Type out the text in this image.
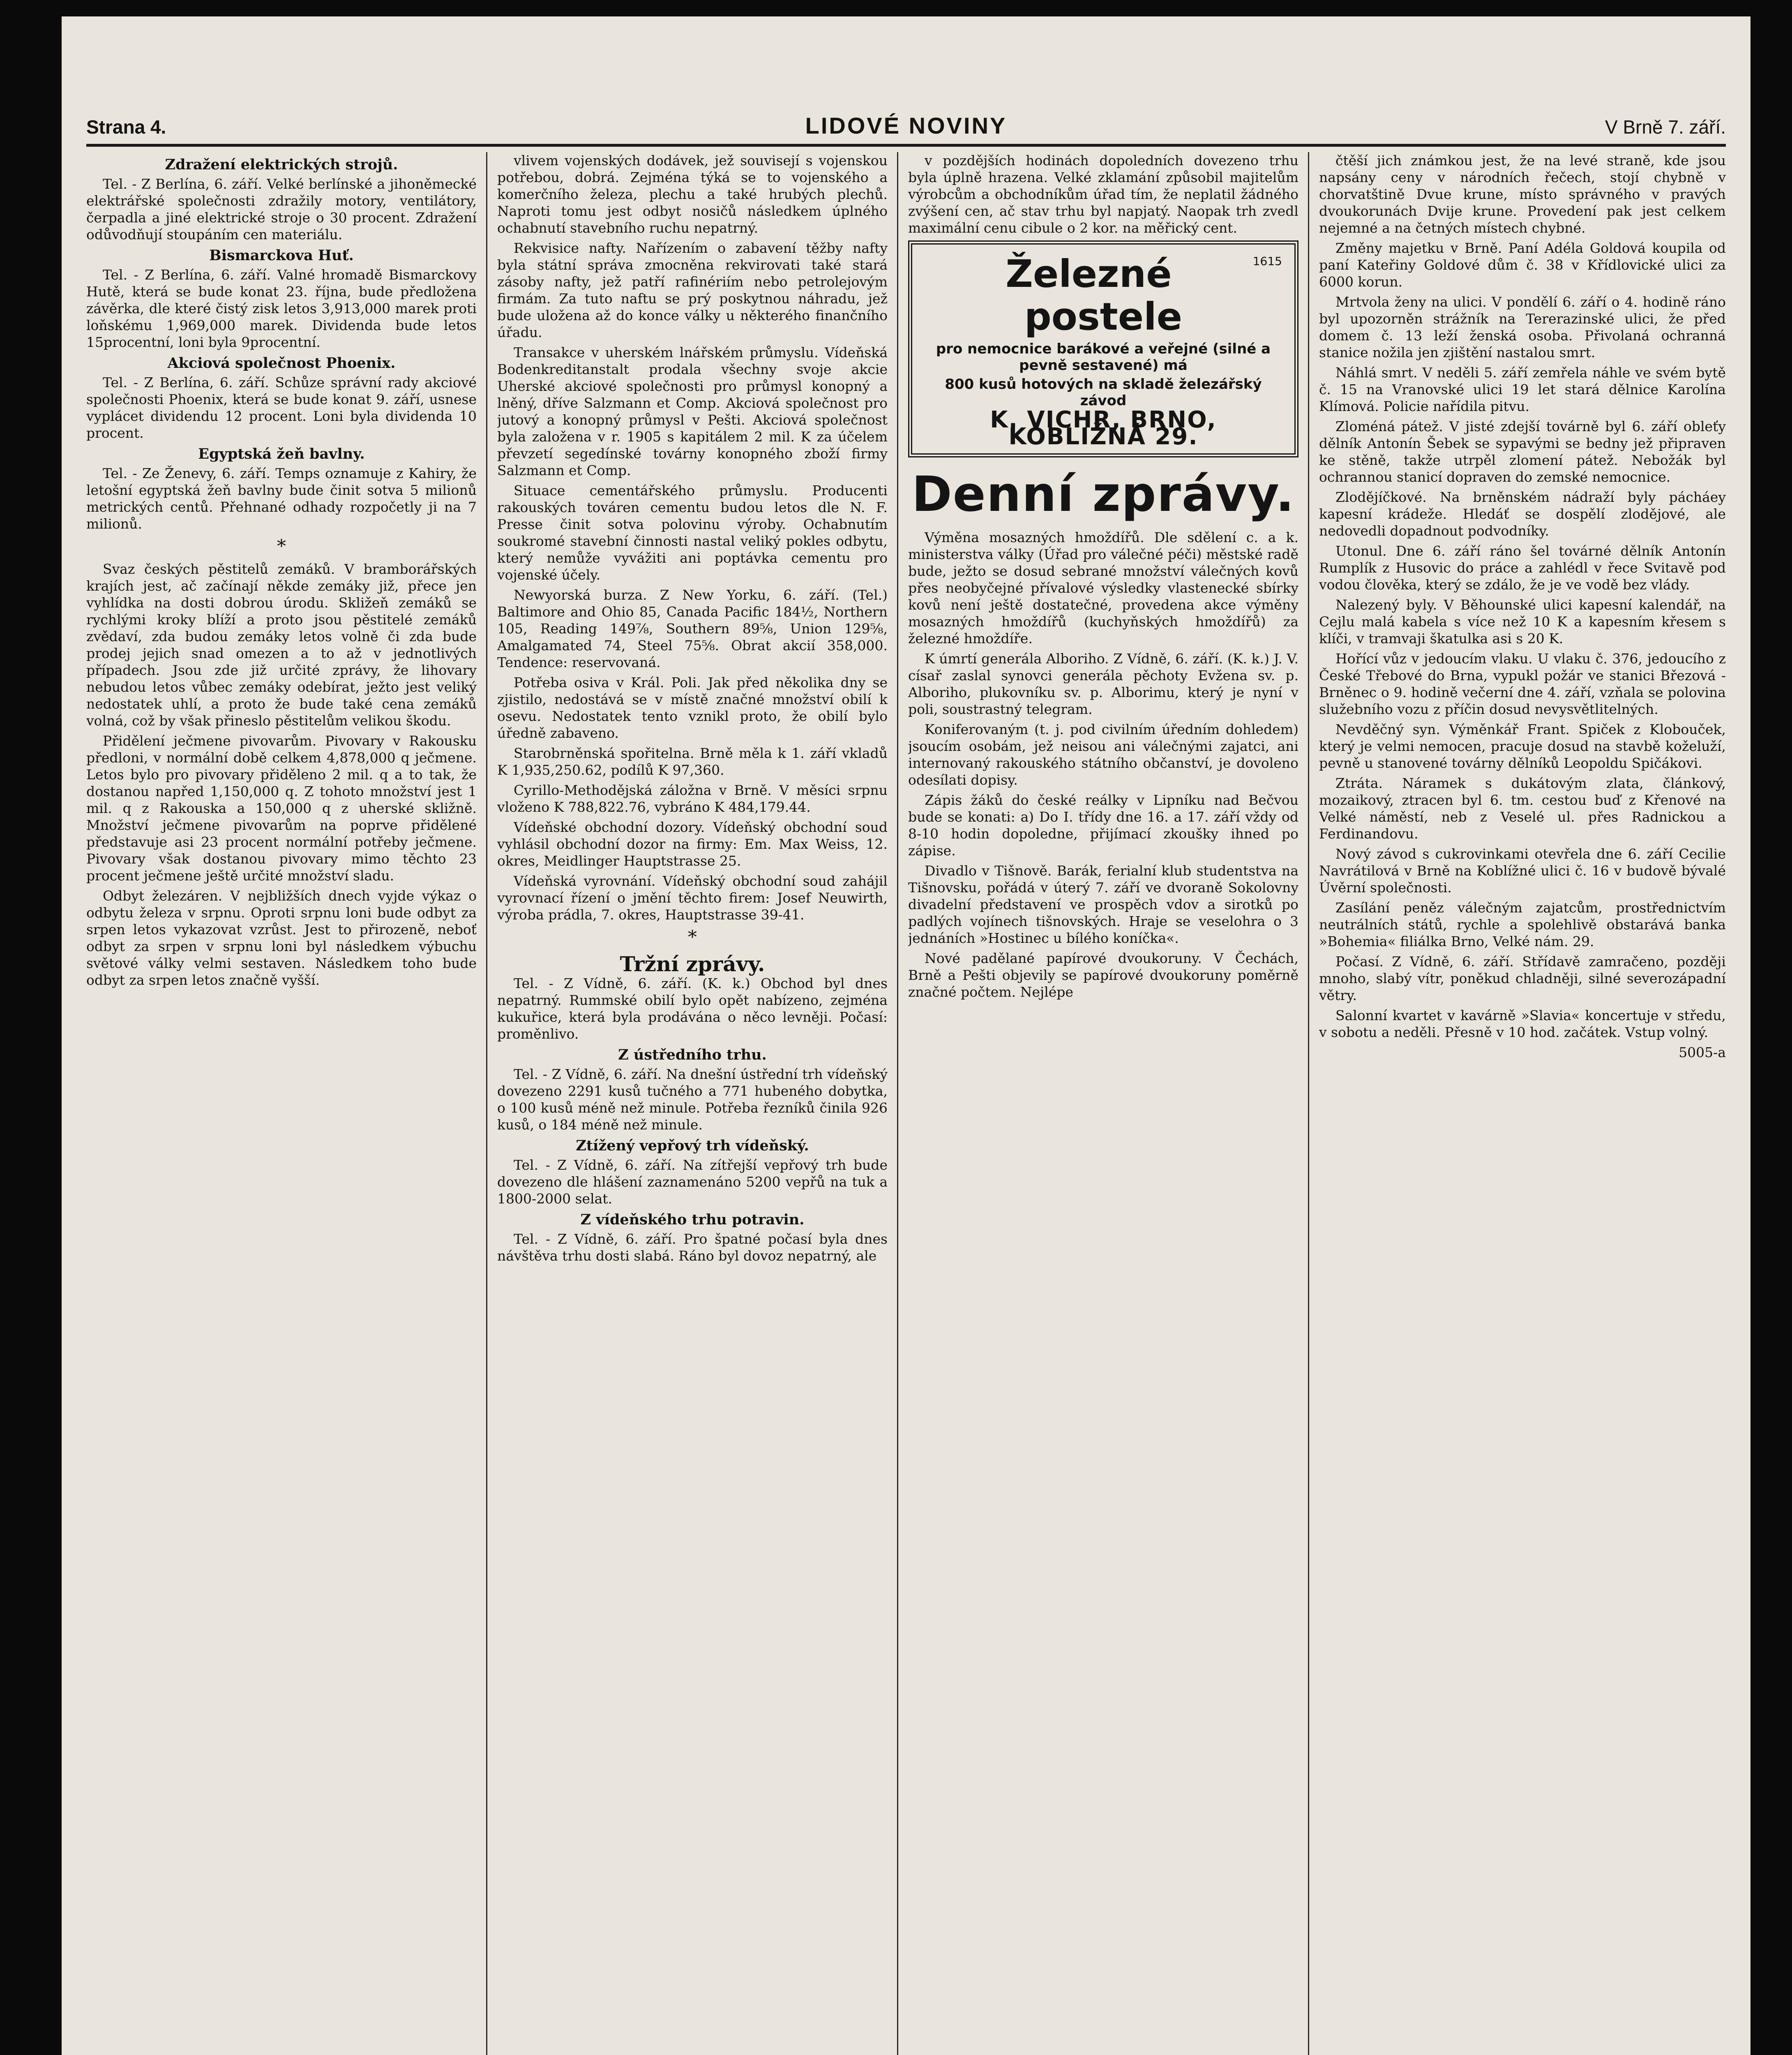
Strana 4.	LIDOVÉ NOVINY	V Brně 7. září.
Zdražení elektrických strojů.

Tel. - Z Berlína, 6. září. Velké berlínské a jihoněmecké elektrářské společnosti zdražily motory, ventilátory, čerpadla a jiné elektrické stroje o 30 procent. Zdražení odůvodňují stoupáním cen materiálu.

Bismarckova Huť.

Tel. - Z Berlína, 6. září. Valné hromadě Bismarckovy Hutě, která se bude konat 23. října, bude předložena závěrka, dle které čistý zisk letos 3,913,000 marek proti loňskému 1,969,000 marek. Dividenda bude letos 15procentní, loni byla 9procentní.

Akciová společnost Phoenix.

Tel. - Z Berlína, 6. září. Schůze správní rady akciové společnosti Phoenix, která se bude konat 9. září, usnese vyplácet dividendu 12 procent. Loni byla dividenda 10 procent.

Egyptská žeň bavlny.

Tel. - Ze Ženevy, 6. září. Temps oznamuje z Kahiry, že letošní egyptská žeň bavlny bude činit sotva 5 milionů metrických centů. Přehnané odhady rozpočetly ji na 7 milionů.

*

Svaz českých pěstitelů zemáků. V bramborářských krajích jest, ač začínají někde zemáky již, přece jen vyhlídka na dosti dobrou úrodu. Skližeň zemáků se rychlými kroky blíží a proto jsou pěstitelé zemáků zvědaví, zda budou zemáky letos volně či zda bude prodej jejich snad omezen a to až v jednotlivých případech. Jsou zde již určité zprávy, že lihovary nebudou letos vůbec zemáky odebírat, ježto jest veliký nedostatek uhlí, a proto že bude také cena zemáků volná, což by však přineslo pěstitelům velikou škodu.

Přidělení ječmene pivovarům. Pivovary v Rakousku předloni, v normální době celkem 4,878,000 q ječmene. Letos bylo pro pivovary přiděleno 2 mil. q a to tak, že dostanou napřed 1,150,000 q. Z tohoto množství jest 1 mil. q z Rakouska a 150,000 q z uherské skližně. Množství ječmene pivovarům na poprve přidělené představuje asi 23 procent normální potřeby ječmene. Pivovary však dostanou pivovary mimo těchto 23 procent ječmene ještě určité množství sladu.

Odbyt železáren. V nejbližších dnech vyjde výkaz o odbytu železa v srpnu. Oproti srpnu loni bude odbyt za srpen letos vykazovat vzrůst. Jest to přirozeně, neboť odbyt za srpen v srpnu loni byl následkem výbuchu světové války velmi sestaven. Následkem toho bude odbyt za srpen letos značně vyšší.

vlivem vojenských dodávek, jež souvisejí s vojenskou potřebou, dobrá. Zejména týká se to vojenského a komerčního železa, plechu a také hrubých plechů. Naproti tomu jest odbyt nosičů následkem úplného ochabnutí stavebního ruchu nepatrný.

Rekvisice nafty. Nařízením o zabavení těžby nafty byla státní správa zmocněna rekvirovati také stará zásoby nafty, jež patří rafinériím nebo petrolejovým firmám. Za tuto naftu se prý poskytnou náhradu, jež bude uložena až do konce války u některého finančního úřadu.

Transakce v uherském lnářském průmyslu. Vídeňská Bodenkreditanstalt prodala všechny svoje akcie Uherské akciové společnosti pro průmysl konopný a lněný, dříve Salzmann et Comp. Akciová společnost pro jutový a konopný průmysl v Pešti. Akciová společnost byla založena v r. 1905 s kapitálem 2 mil. K za účelem převzetí segedínské továrny konopného zboží firmy Salzmann et Comp.

Situace cementářského průmyslu. Producenti rakouských továren cementu budou letos dle N. F. Presse činit sotva polovinu výroby. Ochabnutím soukromé stavební činnosti nastal veliký pokles odbytu, který nemůže vyvážiti ani poptávka cementu pro vojenské účely.

Newyorská burza. Z New Yorku, 6. září. (Tel.) Baltimore and Ohio 85, Canada Pacific 184½, Northern 105, Reading 149⅞, Southern 89⅝, Union 129⅝, Amalgamated 74, Steel 75⅝. Obrat akcií 358,000. Tendence: reservovaná.

Potřeba osiva v Král. Poli. Jak před několika dny se zjistilo, nedostává se v místě značné množství obilí k osevu. Nedostatek tento vznikl proto, že obilí bylo úředně zabaveno.

Starobrněnská spořitelna. Brně měla k 1. září vkladů K 1,935,250.62, podílů K 97,360.

Cyrillo-Methodějská záložna v Brně. V měsíci srpnu vloženo K 788,822.76, vybráno K 484,179.44.

Vídeňské obchodní dozory. Vídeňský obchodní soud vyhlásil obchodní dozor na firmy: Em. Max Weiss, 12. okres, Meidlinger Hauptstrasse 25.

Vídeňská vyrovnání. Vídeňský obchodní soud zahájil vyrovnací řízení o jmění těchto firem: Josef Neuwirth, výroba prádla, 7. okres, Hauptstrasse 39-41.

*
Tržní zprávy.

Tel. - Z Vídně, 6. září. (K. k.) Obchod byl dnes nepatrný. Rummské obilí bylo opět nabízeno, zejména kukuřice, která byla prodávána o něco levněji. Počasí: proměnlivo.

Z ústředního trhu.

Tel. - Z Vídně, 6. září. Na dnešní ústřední trh vídeňský dovezeno 2291 kusů tučného a 771 hubeného dobytka, o 100 kusů méně než minule. Potřeba řezníků činila 926 kusů, o 184 méně než minule.

Ztížený vepřový trh vídeňský.

Tel. - Z Vídně, 6. září. Na zítřejší vepřový trh bude dovezeno dle hlášení zaznamenáno 5200 vepřů na tuk a 1800-2000 selat.

Z vídeňského trhu potravin.

Tel. - Z Vídně, 6. září. Pro špatné počasí byla dnes návštěva trhu dosti slabá. Ráno byl dovoz nepatrný, ale

v pozdějších hodinách dopoledních dovezeno trhu byla úplně hrazena. Velké zklamání způsobil majitelům výrobcům a obchodníkům úřad tím, že neplatil žádného zvýšení cen, ač stav trhu byl napjatý. Naopak trh zvedl maximální cenu cibule o 2 kor. na měřický cent.

1615
Železné postele
pro nemocnice barákové a veřejné (silné a pevně sestavené) má
800 kusů hotových na skladě železářský závod
K. VICHR, BRNO, KOBLIŽNÁ 29.
Denní zprávy.

Výměna mosazných hmoždířů. Dle sdělení c. a k. ministerstva války (Úřad pro válečné péči) městské radě bude, ježto se dosud sebrané množství válečných kovů přes neobyčejné přívalové výsledky vlastenecké sbírky kovů není ještě dostatečné, provedena akce výměny mosazných hmoždířů (kuchyňských hmoždířů) za železné hmoždíře.

K úmrtí generála Alboriho. Z Vídně, 6. září. (K. k.) J. V. císař zaslal synovci generála pěchoty Evžena sv. p. Alboriho, plukovníku sv. p. Alborimu, který je nyní v poli, soustrastný telegram.

Koniferovaným (t. j. pod civilním úředním dohledem) jsoucím osobám, jež neisou ani válečnými zajatci, ani internovaný rakouského státního občanství, je dovoleno odesílati dopisy.

Zápis žáků do české reálky v Lipníku nad Bečvou bude se konati: a) Do I. třídy dne 16. a 17. září vždy od 8-10 hodin dopoledne, přijímací zkoušky ihned po zápise.

Divadlo v Tišnově. Barák, ferialní klub studentstva na Tišnovsku, pořádá v úterý 7. září ve dvoraně Sokolovny divadelní představení ve prospěch vdov a sirotků po padlých vojínech tišnovských. Hraje se veselohra o 3 jednáních »Hostinec u bílého koníčka«.

Nové padělané papírové dvoukoruny. V Čechách, Brně a Pešti objevily se papírové dvoukoruny poměrně značné počtem. Nejlépe

čtěší jich známkou jest, že na levé straně, kde jsou napsány ceny v národních řečech, stojí chybně v chorvatštině Dvue krune, místo správného v pravých dvoukorunách Dvije krune. Provedení pak jest celkem nejemné a na četných místech chybné.

Změny majetku v Brně. Paní Adéla Goldová koupila od paní Kateřiny Goldové dům č. 38 v Křídlovické ulici za 6000 korun.

Mrtvola ženy na ulici. V pondělí 6. září o 4. hodině ráno byl upozorněn strážník na Tererazinské ulici, že před domem č. 13 leží ženská osoba. Přivolaná ochranná stanice nožila jen zjištění nastalou smrt.

Náhlá smrt. V neděli 5. září zemřela náhle ve svém bytě č. 15 na Vranovské ulici 19 let stará dělnice Karolína Klímová. Policie nařídila pitvu.

Zloméná pátež. V jisté zdejší továrně byl 6. září obleťy dělník Antonín Šebek se sypavými se bedny jež připraven ke stěně, takže utrpěl zlomení pátež. Nebožák byl ochrannou stanicí dopraven do zemské nemocnice.

Zlodějíčkové. Na brněnském nádraží byly pácháey kapesní krádeže. Hledáť se dospělí zlodějové, ale nedovedli dopadnout podvodníky.

Utonul. Dne 6. září ráno šel továrné dělník Antonín Rumplík z Husovic do práce a zahlédl v řece Svitavě pod vodou člověka, který se zdálo, že je ve vodě bez vlády.

Nalezený byly. V Běhounské ulici kapesní kalendář, na Cejlu malá kabela s více než 10 K a kapesním křesem s klíči, v tramvaji škatulka asi s 20 K.

Hořící vůz v jedoucím vlaku. U vlaku č. 376, jedoucího z České Třebové do Brna, vypukl požár ve stanici Březová - Brněnec o 9. hodině večerní dne 4. září, vzňala se polovina služebního vozu z příčin dosud nevysvětlitelných.

Nevděčný syn. Výměnkář Frant. Spiček z Klobouček, který je velmi nemocen, pracuje dosud na stavbě koželuží, pevně u stanovené továrny dělníků Leopoldu Spičákovi.

Ztráta. Náramek s dukátovým zlata, článkový, mozaikový, ztracen byl 6. tm. cestou buď z Křenové na Velké náměstí, neb z Veselé ul. přes Radnickou a Ferdinandovu.

Nový závod s cukrovinkami otevřela dne 6. září Cecilie Navrátilová v Brně na Koblížné ulici č. 16 v budově bývalé Úvěrní společnosti.

Zasílání peněz válečným zajatcům, prostřednictvím neutrálních států, rychle a spolehlivě obstarává banka »Bohemia« filiálka Brno, Velké nám. 29.

Počasí. Z Vídně, 6. září. Střídavě zamračeno, později mnoho, slabý vítr, poněkud chladněji, silné severozápadní větry.

Salonní kvartet v kavárně »Slavia« koncertuje v středu, v sobotu a neděli. Přesně v 10 hod. začátek. Vstup volný.

5005-a
